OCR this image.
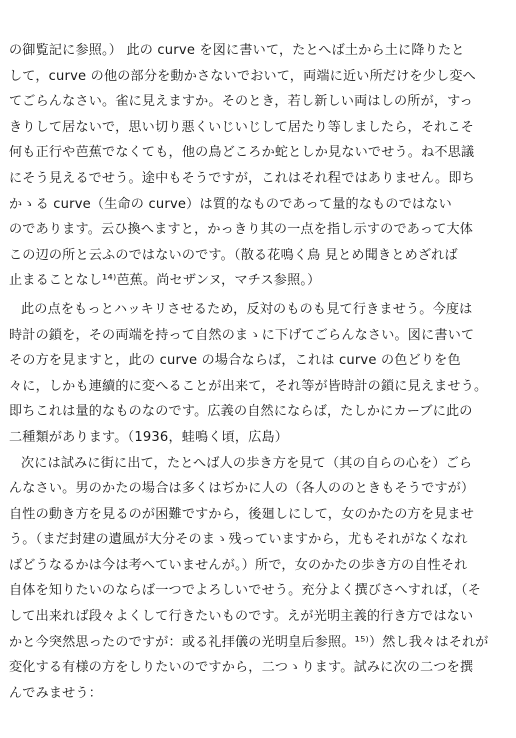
の御覧記に参照。） 此の curve を図に書いて，たとへば土から土に降りたと
して，curve の他の部分を動かさないでおいて，両端に近い所だけを少し変へ
てごらんなさい。雀に見えますか。そのとき，若し新しい両はしの所が，すっ
きりして居ないで，思い切り悪くいじいじして居たり等しましたら，それこそ
何も正行や芭蕉でなくても，他の鳥どころか蛇としか見ないでせう。ね不思議
にそう見えるでせう。途中もそうですが，これはそれ程ではありません。即ち
かゝる curve（生命の curve）は質的なものであって量的なものではない
のであります。云ひ換へますと，かっきり其の一点を指し示すのであって大体
この辺の所と云ふのではないのです。（散る花鳴く鳥 見とめ聞きとめざれば
止まることなし¹⁴⁾芭蕉。尚セザンヌ，マチス参照。）
此の点をもっとハッキリさせるため，反対のものも見て行きませう。今度は
時計の鎖を，その両端を持って自然のまゝに下げてごらんなさい。図に書いて
その方を見ますと，此の curve の場合ならば，これは curve の色どりを色
々に，しかも連續的に変へることが出来て，それ等が皆時計の鎖に見えませう。
即ちこれは量的なものなのです。広義の自然にならば，たしかにカーブに此の
二種類があります。（1936，蛙鳴く頃，広島）
次には試みに街に出て，たとへば人の歩き方を見て（其の自らの心を）ごら
んなさい。男のかたの場合は多くはぢかに人の（各人ののときもそうですが）
自性の動き方を見るのが困難ですから，後廻しにして，女のかたの方を見ませ
う。（まだ封建の遺風が大分そのまゝ残っていますから，尤もそれがなくなれ
ばどうなるかは今は考へていませんが。）所で，女のかたの歩き方の自性それ
自体を知りたいのならば一つでよろしいでせう。充分よく撰びさへすれば，（そ
して出来れば段々よくして行きたいものです。えが光明主義的行き方ではない
かと今突然思ったのですが：或る礼拝儀の光明皇后参照。¹⁵⁾）然し我々はそれが
変化する有様の方をしりたいのですから，二つゝります。試みに次の二つを撰
んでみませう：
